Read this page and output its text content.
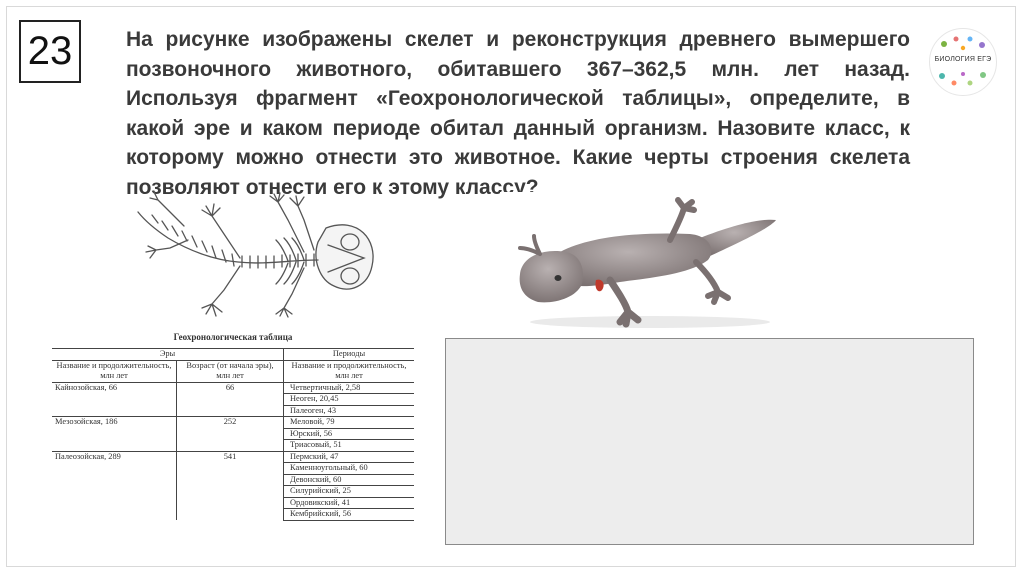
23	На рисунке изображены скелет и реконструкция древнего вымершего позвоночного животного, обитавшего 367–362,5 млн. лет назад. Используя фрагмент «Геохронологической таблицы», определите, в какой эре и каком периоде обитал данный организм. Назовите класс, к которому можно отнести это животное. Какие черты строения скелета позволяют отнести его к этому классу?
БИОЛОГИЯ ЕГЭ
Геохронологическая таблица
Эры		Периоды
Название и продолжительность, млн лет	Возраст (от начала эры), млн лет	Название и продолжительность, млн лет
Кайнозойская, 66	66	Четвертичный, 2,58
		Неоген, 20,45
		Палеоген, 43
Мезозойская, 186	252	Меловой, 79
		Юрский, 56
		Триасовый, 51
Палеозойская, 289	541	Пермский, 47
		Каменноугольный, 60
		Девонский, 60
		Силурийский, 25
		Ордовикский, 41
		Кембрийский, 56
